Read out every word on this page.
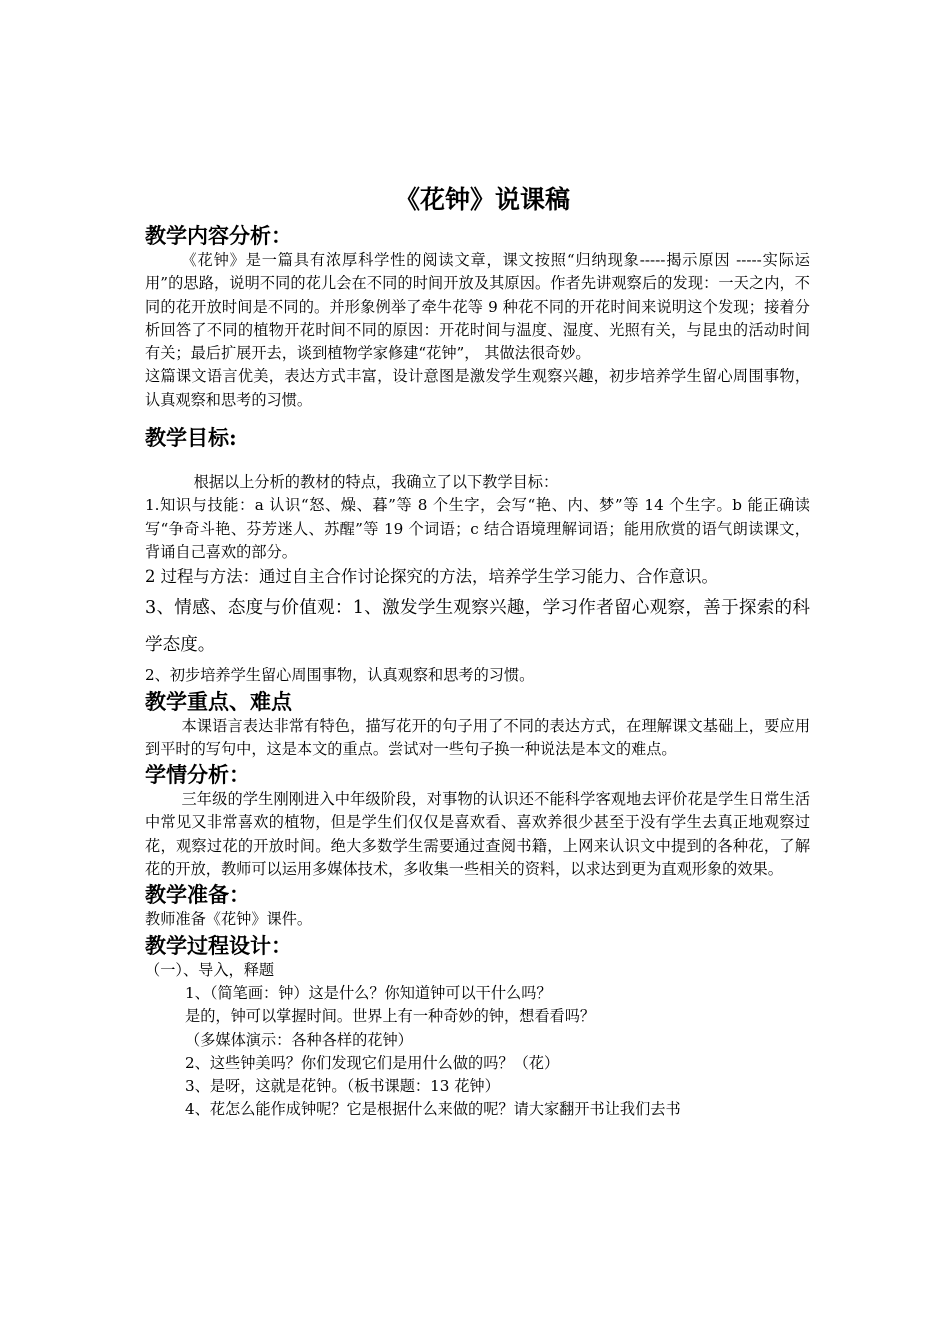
《花钟》说课稿
教学内容分析：

《花钟》是一篇具有浓厚科学性的阅读文章，课文按照“归纳现象-----揭示原因 -----实际运用”的思路，说明不同的花儿会在不同的时间开放及其原因。作者先讲观察后的发现：一天之内，不同的花开放时间是不同的。并形象例举了牵牛花等 9 种花不同的开花时间来说明这个发现；接着分析回答了不同的植物开花时间不同的原因：开花时间与温度、湿度、光照有关，与昆虫的活动时间有关；最后扩展开去，谈到植物学家修建“花钟”， 其做法很奇妙。

这篇课文语言优美，表达方式丰富，设计意图是激发学生观察兴趣，初步培养学生留心周围事物，认真观察和思考的习惯。

教学目标:

根据以上分析的教材的特点，我确立了以下教学目标：

1.知识与技能：a 认识“怒、燥、暮”等 8 个生字，会写“艳、内、梦”等 14 个生字。b 能正确读写“争奇斗艳、芬芳迷人、苏醒”等 19 个词语；c 结合语境理解词语；能用欣赏的语气朗读课文，背诵自己喜欢的部分。

2 过程与方法：通过自主合作讨论探究的方法，培养学生学习能力、合作意识。

3、情感、态度与价值观：1、激发学生观察兴趣，学习作者留心观察，善于探索的科学态度。

2、初步培养学生留心周围事物，认真观察和思考的习惯。

教学重点、难点

本课语言表达非常有特色，描写花开的句子用了不同的表达方式，在理解课文基础上，要应用到平时的写句中，这是本文的重点。尝试对一些句子换一种说法是本文的难点。

学情分析：

三年级的学生刚刚进入中年级阶段，对事物的认识还不能科学客观地去评价花是学生日常生活中常见又非常喜欢的植物，但是学生们仅仅是喜欢看、喜欢养很少甚至于没有学生去真正地观察过花，观察过花的开放时间。绝大多数学生需要通过查阅书籍，上网来认识文中提到的各种花，了解花的开放，教师可以运用多媒体技术，多收集一些相关的资料，以求达到更为直观形象的效果。

教学准备：

教师准备《花钟》课件。

教学过程设计：

（一）、导入，释题

1、（简笔画：钟）这是什么？你知道钟可以干什么吗？

是的，钟可以掌握时间。世界上有一种奇妙的钟，想看看吗？

（多媒体演示：各种各样的花钟）

2、这些钟美吗？你们发现它们是用什么做的吗？（花）

3、是呀，这就是花钟。（板书课题：13 花钟）

4、花怎么能作成钟呢？它是根据什么来做的呢？请大家翻开书让我们去书
